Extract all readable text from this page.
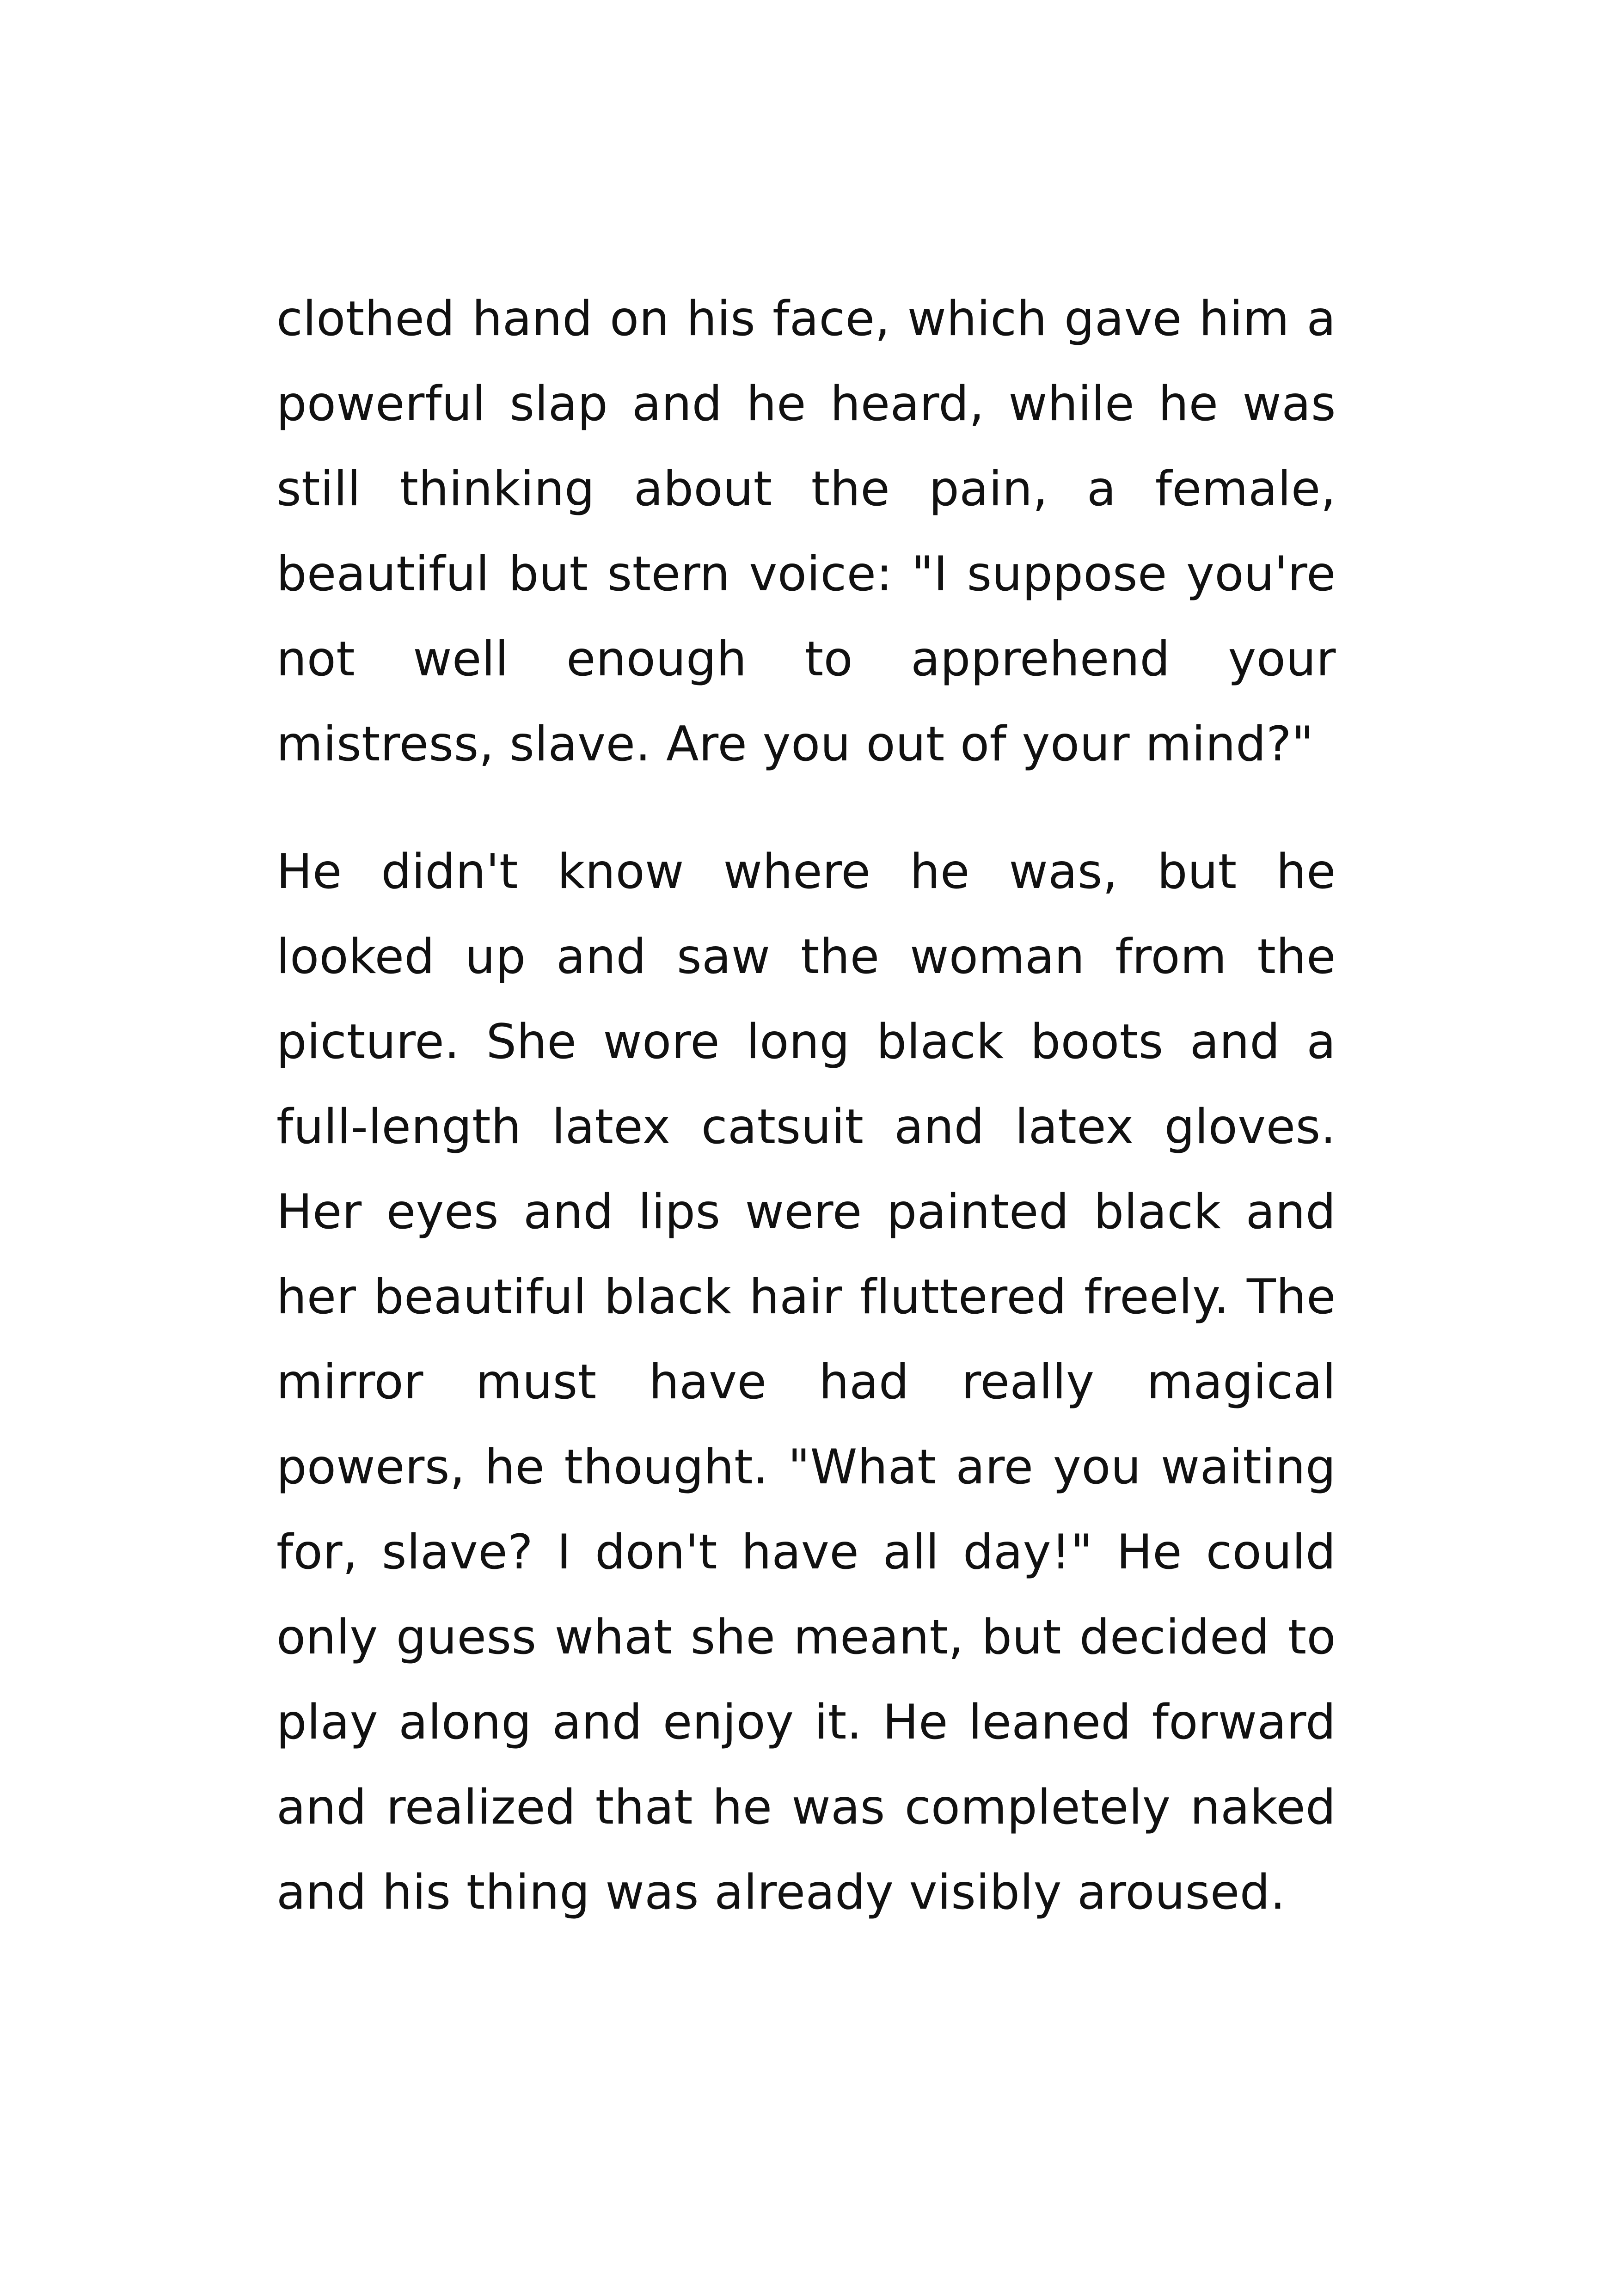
clothed hand on his face, which gave him a powerful slap and he heard, while he was still thinking about the pain, a female, beautiful but stern voice: "I suppose you're not well enough to apprehend your mistress, slave. Are you out of your mind?"

He didn't know where he was, but he looked up and saw the woman from the picture. She wore long black boots and a full-length latex catsuit and latex gloves. Her eyes and lips were painted black and her beautiful black hair fluttered freely. The mirror must have had really magical powers, he thought. "What are you waiting for, slave? I don't have all day!" He could only guess what she meant, but decided to play along and enjoy it. He leaned forward and realized that he was completely naked and his thing was already visibly aroused.
